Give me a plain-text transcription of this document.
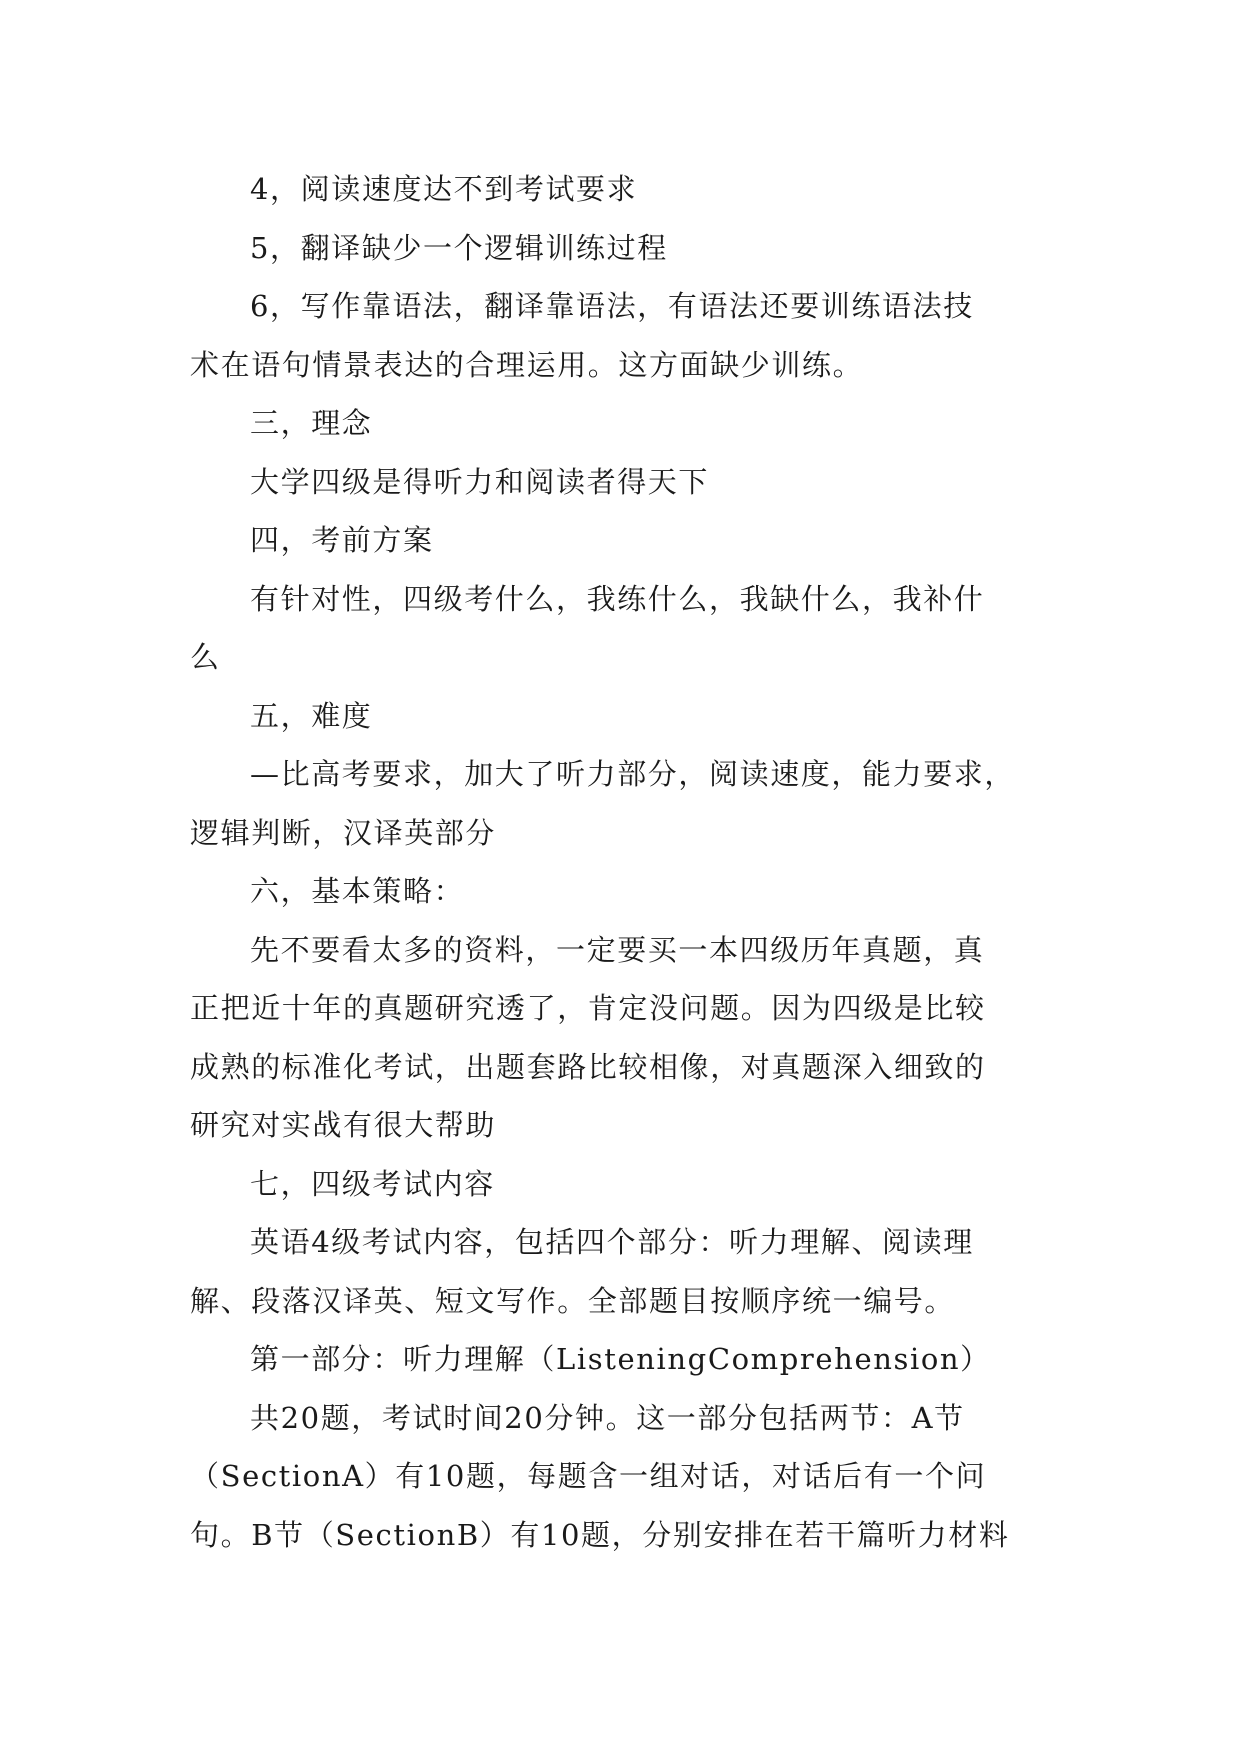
4，阅读速度达不到考试要求
5，翻译缺少一个逻辑训练过程
6，写作靠语法，翻译靠语法，有语法还要训练语法技
术在语句情景表达的合理运用。这方面缺少训练。
三，理念
大学四级是得听力和阅读者得天下
四，考前方案
有针对性，四级考什么，我练什么，我缺什么，我补什
么
五，难度
—比高考要求，加大了听力部分，阅读速度，能力要求，
逻辑判断，汉译英部分
六，基本策略：
先不要看太多的资料，一定要买一本四级历年真题，真
正把近十年的真题研究透了，肯定没问题。因为四级是比较
成熟的标准化考试，出题套路比较相像，对真题深入细致的
研究对实战有很大帮助
七，四级考试内容
英语4级考试内容，包括四个部分：听力理解、阅读理
解、段落汉译英、短文写作。全部题目按顺序统一编号。
第一部分：听力理解（ListeningComprehension）
共20题，考试时间20分钟。这一部分包括两节：A节
（SectionA）有10题，每题含一组对话，对话后有一个问
句。B节（SectionB）有10题，分别安排在若干篇听力材料
